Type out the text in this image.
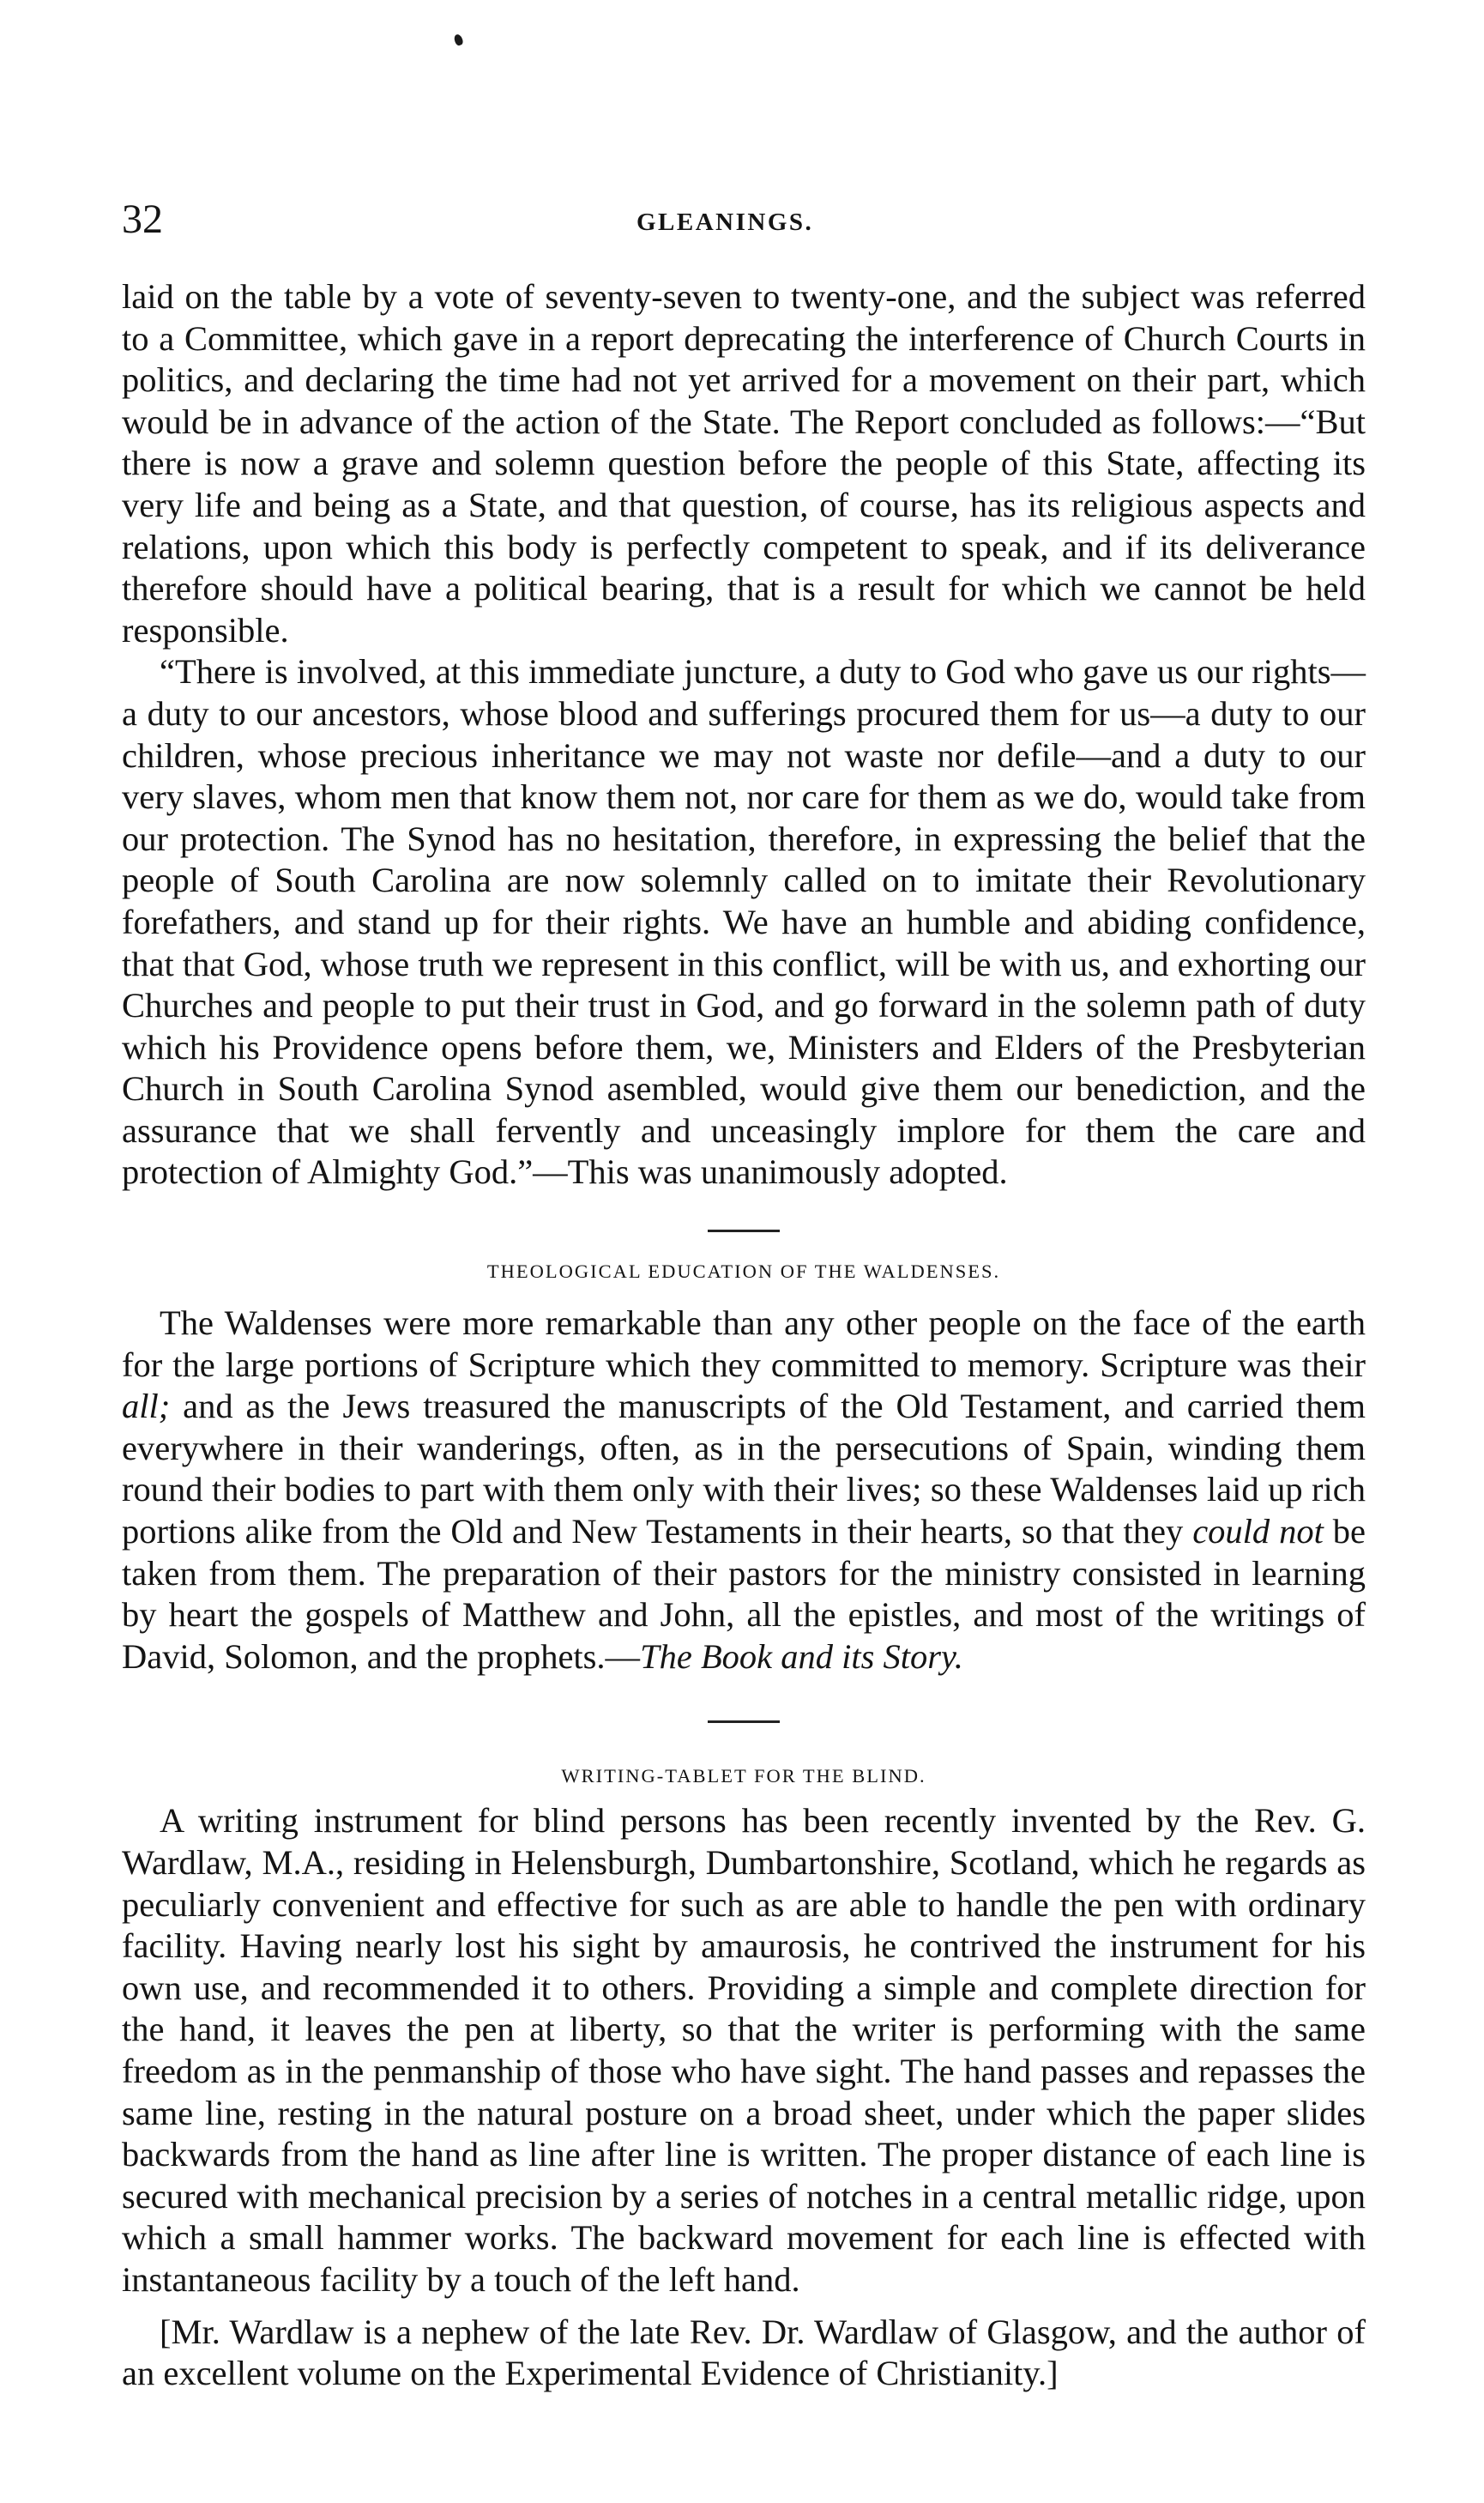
32	GLEANINGS.

laid on the table by a vote of seventy-seven to twenty-one, and the subject was referred to a Committee, which gave in a report deprecating the interference of Church Courts in politics, and declaring the time had not yet arrived for a movement on their part, which would be in advance of the action of the State. The Report concluded as follows:—“But there is now a grave and solemn question before the people of this State, affecting its very life and being as a State, and that question, of course, has its religious aspects and relations, upon which this body is perfectly competent to speak, and if its deliverance therefore should have a political bearing, that is a result for which we cannot be held responsible.

“There is involved, at this immediate juncture, a duty to God who gave us our rights—a duty to our ancestors, whose blood and sufferings procured them for us—a duty to our children, whose precious inheritance we may not waste nor defile—and a duty to our very slaves, whom men that know them not, nor care for them as we do, would take from our protection. The Synod has no hesitation, therefore, in expressing the belief that the people of South Carolina are now solemnly called on to imitate their Revolutionary forefathers, and stand up for their rights. We have an humble and abiding confidence, that that God, whose truth we represent in this conflict, will be with us, and exhorting our Churches and people to put their trust in God, and go forward in the solemn path of duty which his Providence opens before them, we, Ministers and Elders of the Presbyterian Church in South Carolina Synod asembled, would give them our benediction, and the assurance that we shall fervently and unceasingly implore for them the care and protection of Almighty God.”—This was unanimously adopted.

THEOLOGICAL EDUCATION OF THE WALDENSES.

The Waldenses were more remarkable than any other people on the face of the earth for the large portions of Scripture which they committed to memory. Scripture was their all; and as the Jews treasured the manuscripts of the Old Testament, and carried them everywhere in their wanderings, often, as in the persecutions of Spain, winding them round their bodies to part with them only with their lives; so these Waldenses laid up rich portions alike from the Old and New Testaments in their hearts, so that they could not be taken from them. The preparation of their pastors for the ministry consisted in learning by heart the gospels of Matthew and John, all the epistles, and most of the writings of David, Solomon, and the prophets.—The Book and its Story.

WRITING-TABLET FOR THE BLIND.

A writing instrument for blind persons has been recently invented by the Rev. G. Wardlaw, M.A., residing in Helensburgh, Dumbartonshire, Scotland, which he regards as peculiarly convenient and effective for such as are able to handle the pen with ordinary facility. Having nearly lost his sight by amaurosis, he contrived the instrument for his own use, and recommended it to others. Providing a simple and complete direction for the hand, it leaves the pen at liberty, so that the writer is performing with the same freedom as in the penmanship of those who have sight. The hand passes and repasses the same line, resting in the natural posture on a broad sheet, under which the paper slides backwards from the hand as line after line is written. The proper distance of each line is secured with mechanical precision by a series of notches in a central metallic ridge, upon which a small hammer works. The backward movement for each line is effected with instantaneous facility by a touch of the left hand.

[Mr. Wardlaw is a nephew of the late Rev. Dr. Wardlaw of Glasgow, and the author of an excellent volume on the Experimental Evidence of Christianity.]
